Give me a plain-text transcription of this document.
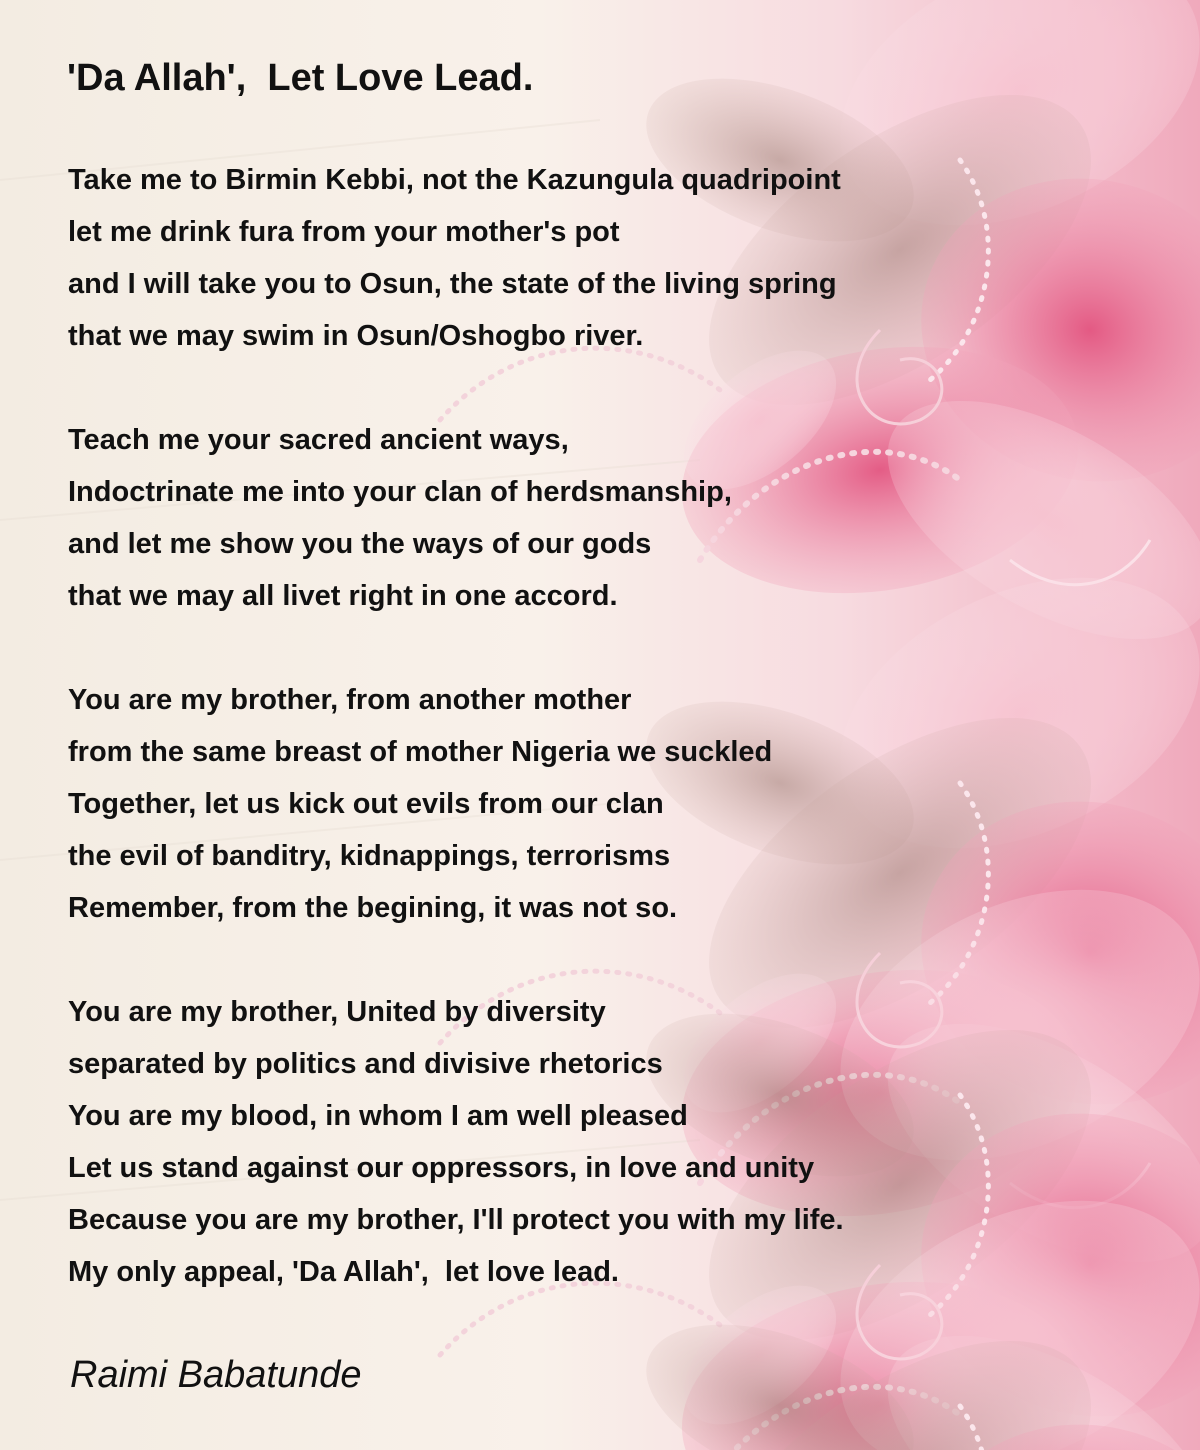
'Da Allah',  Let Love Lead.
Take me to Birmin Kebbi, not the Kazungula quadripoint
let me drink fura from your mother's pot
and I will take you to Osun, the state of the living spring
that we may swim in Osun/Oshogbo river.
Teach me your sacred ancient ways,
Indoctrinate me into your clan of herdsmanship,
and let me show you the ways of our gods
that we may all livet right in one accord.
You are my brother, from another mother
from the same breast of mother Nigeria we suckled
Together, let us kick out evils from our clan
the evil of banditry, kidnappings, terrorisms
Remember, from the begining, it was not so.
You are my brother, United by diversity
separated by politics and divisive rhetorics
You are my blood, in whom I am well pleased
Let us stand against our oppressors, in love and unity
Because you are my brother, I'll protect you with my life.
My only appeal, 'Da Allah',  let love lead.
Raimi Babatunde
